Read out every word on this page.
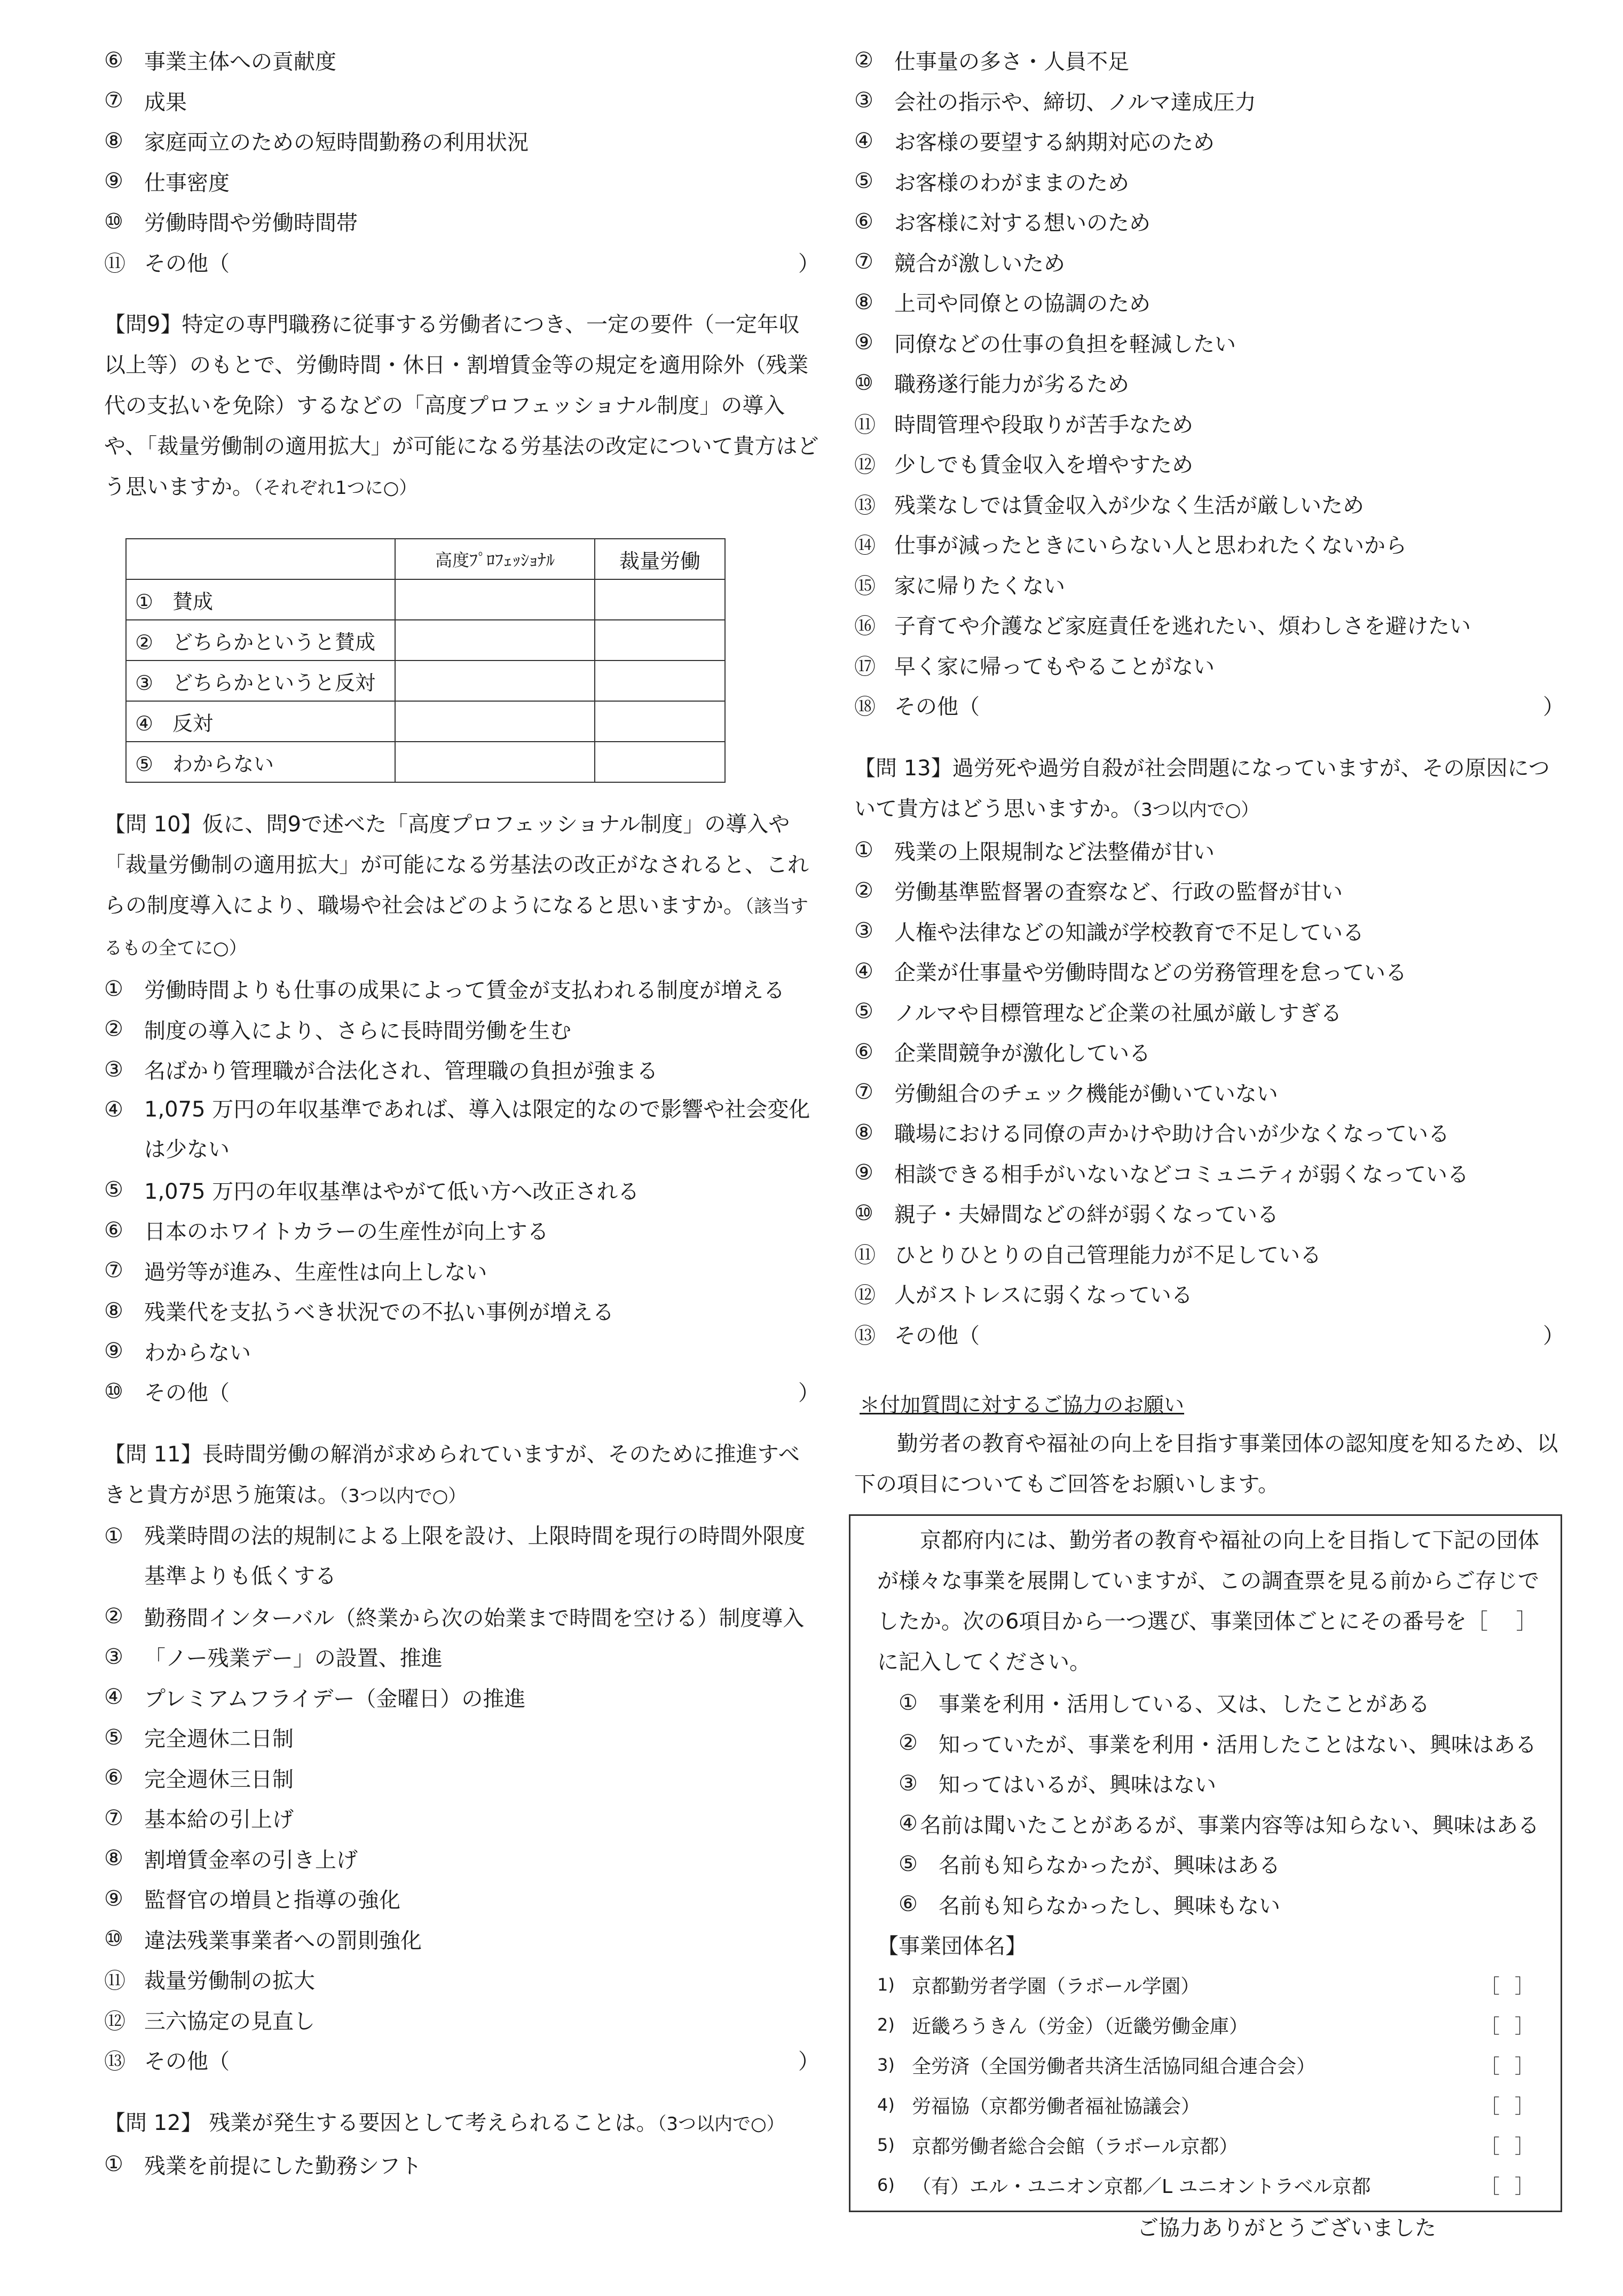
⑥ 事業主体への貢献度
⑦ 成果
⑧ 家庭両立のための短時間勤務の利用状況
⑨ 仕事密度
⑩ 労働時間や労働時間帯
⑪ その他（	）
【問9】特定の専門職務に従事する労働者につき、一定の要件（一定年収以上等）のもとで、労働時間・休日・割増賃金等の規定を適用除外（残業代の支払いを免除）するなどの「高度プロフェッショナル制度」の導入や、「裁量労働制の適用拡大」が可能になる労基法の改定について貴方はどう思いますか。（それぞれ1つに○）
	高度ﾌﾟﾛﾌｪｯｼｮﾅﾙ	裁量労働
① 賛成		
② どちらかというと賛成		
③ どちらかというと反対		
④ 反対		
⑤ わからない		
【問 10】仮に、問9で述べた「高度プロフェッショナル制度」の導入や「裁量労働制の適用拡大」が可能になる労基法の改正がなされると、これらの制度導入により、職場や社会はどのようになると思いますか。（該当するもの全てに○）
① 労働時間よりも仕事の成果によって賃金が支払われる制度が増える
② 制度の導入により、さらに長時間労働を生む
③ 名ばかり管理職が合法化され、管理職の負担が強まる
④ 1,075 万円の年収基準であれば、導入は限定的なので影響や社会変化は少ない
⑤ 1,075 万円の年収基準はやがて低い方へ改正される
⑥ 日本のホワイトカラーの生産性が向上する
⑦ 過労等が進み、生産性は向上しない
⑧ 残業代を支払うべき状況での不払い事例が増える
⑨ わからない
⑩ その他（	）
【問 11】長時間労働の解消が求められていますが、そのために推進すべきと貴方が思う施策は。（3つ以内で○）
① 残業時間の法的規制による上限を設け、上限時間を現行の時間外限度基準よりも低くする
② 勤務間インターバル（終業から次の始業まで時間を空ける）制度導入
③ 「ノー残業デー」の設置、推進
④ プレミアムフライデー（金曜日）の推進
⑤ 完全週休二日制
⑥ 完全週休三日制
⑦ 基本給の引上げ
⑧ 割増賃金率の引き上げ
⑨ 監督官の増員と指導の強化
⑩ 違法残業事業者への罰則強化
⑪ 裁量労働制の拡大
⑫ 三六協定の見直し
⑬ その他（	）
【問 12】 残業が発生する要因として考えられることは。（3つ以内で○）
① 残業を前提にした勤務シフト
② 仕事量の多さ・人員不足
③ 会社の指示や、締切、ノルマ達成圧力
④ お客様の要望する納期対応のため
⑤ お客様のわがままのため
⑥ お客様に対する想いのため
⑦ 競合が激しいため
⑧ 上司や同僚との協調のため
⑨ 同僚などの仕事の負担を軽減したい
⑩ 職務遂行能力が劣るため
⑪ 時間管理や段取りが苦手なため
⑫ 少しでも賃金収入を増やすため
⑬ 残業なしでは賃金収入が少なく生活が厳しいため
⑭ 仕事が減ったときにいらない人と思われたくないから
⑮ 家に帰りたくない
⑯ 子育てや介護など家庭責任を逃れたい、煩わしさを避けたい
⑰ 早く家に帰ってもやることがない
⑱ その他（	）
【問 13】過労死や過労自殺が社会問題になっていますが、その原因について貴方はどう思いますか。（3つ以内で○）
① 残業の上限規制など法整備が甘い
② 労働基準監督署の査察など、行政の監督が甘い
③ 人権や法律などの知識が学校教育で不足している
④ 企業が仕事量や労働時間などの労務管理を怠っている
⑤ ノルマや目標管理など企業の社風が厳しすぎる
⑥ 企業間競争が激化している
⑦ 労働組合のチェック機能が働いていない
⑧ 職場における同僚の声かけや助け合いが少なくなっている
⑨ 相談できる相手がいないなどコミュニティが弱くなっている
⑩ 親子・夫婦間などの絆が弱くなっている
⑪ ひとりひとりの自己管理能力が不足している
⑫ 人がストレスに弱くなっている
⑬ その他（	）
＊付加質問に対するご協力のお願い
勤労者の教育や福祉の向上を目指す事業団体の認知度を知るため、以下の項目についてもご回答をお願いします。
京都府内には、勤労者の教育や福祉の向上を目指して下記の団体が様々な事業を展開していますが、この調査票を見る前からご存じでしたか。次の6項目から一つ選び、事業団体ごとにその番号を［　 ］に記入してください。
① 事業を利用・活用している、又は、したことがある
② 知っていたが、事業を利用・活用したことはない、興味はある
③ 知ってはいるが、興味はない
④ 名前は聞いたことがあるが、事業内容等は知らない、興味はある
⑤ 名前も知らなかったが、興味はある
⑥ 名前も知らなかったし、興味もない
【事業団体名】
1) 京都勤労者学園（ラボール学園）	［ ］
2) 近畿ろうきん（労金）（近畿労働金庫）	［ ］
3) 全労済（全国労働者共済生活協同組合連合会）	［ ］
4) 労福協（京都労働者福祉協議会）	［ ］
5) 京都労働者総合会館（ラボール京都）	［ ］
6) （有）エル・ユニオン京都／L ユニオントラベル京都	［ ］
ご協力ありがとうございました
